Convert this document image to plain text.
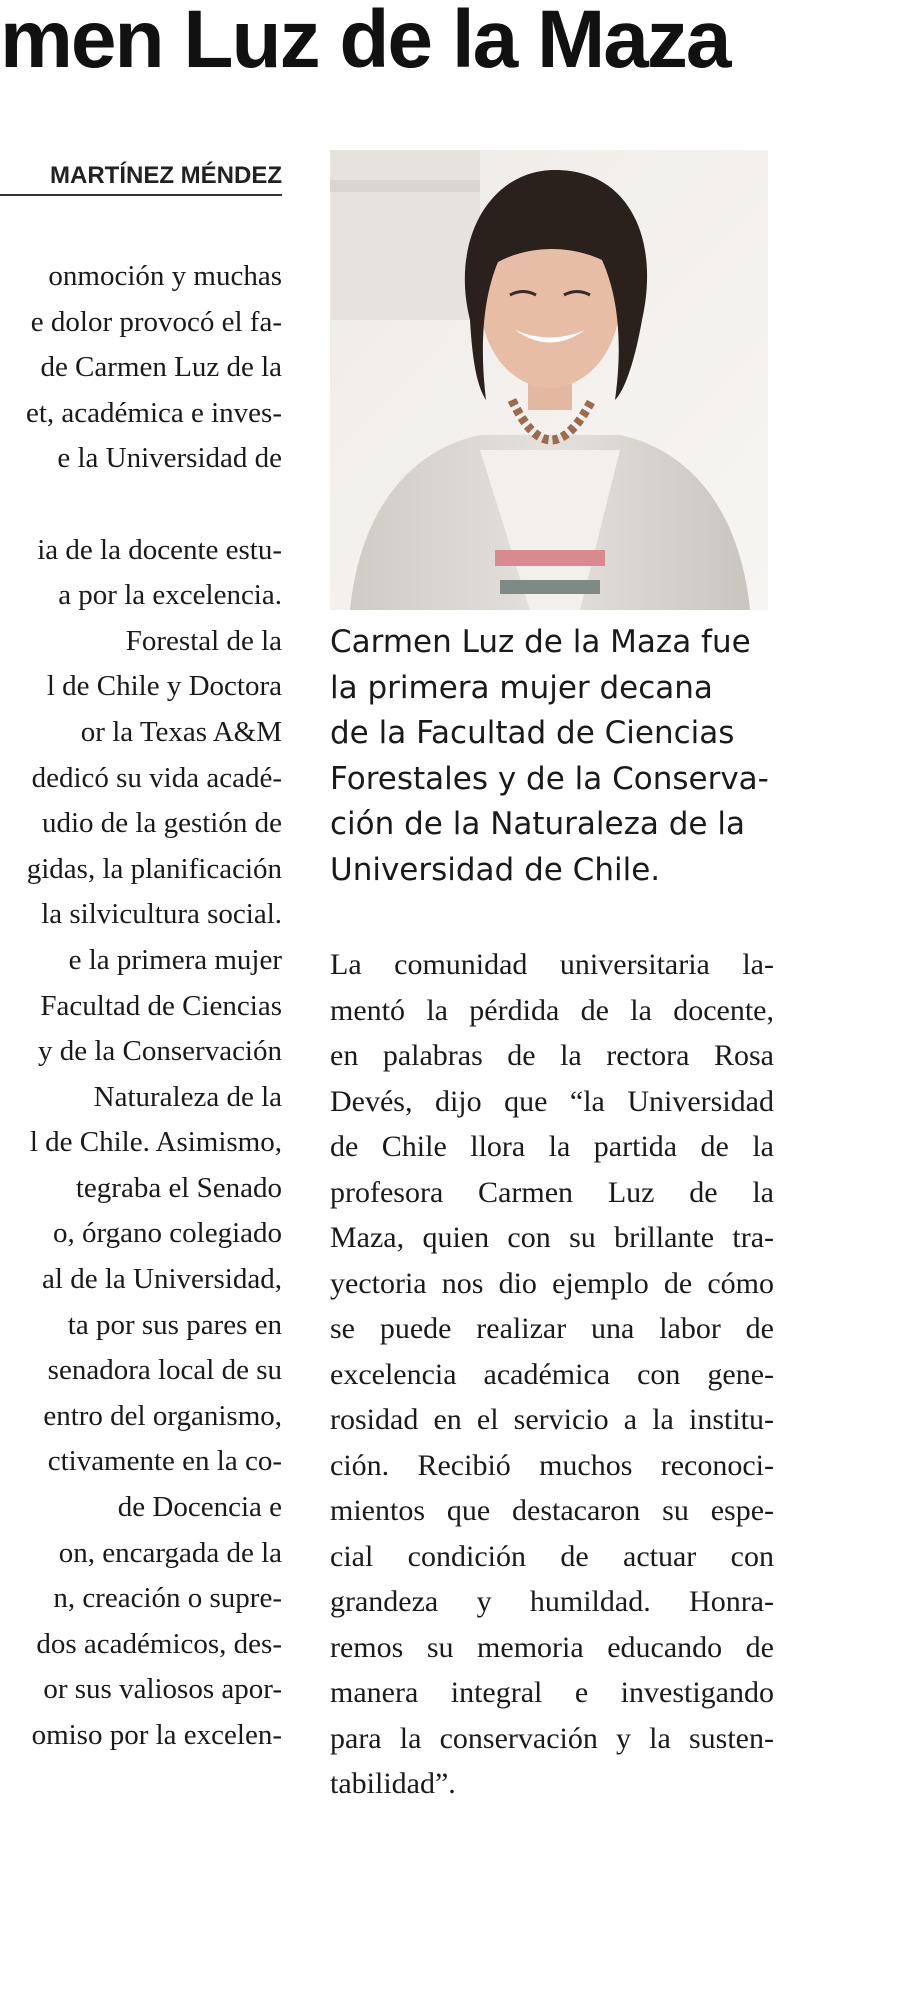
men Luz de la Maza
MARTÍNEZ MÉNDEZ
onmoción y muchas
e dolor provocó el fa-
de Carmen Luz de la
et, académica e inves-
e la Universidad de
ia de la docente estu-
a por la excelencia.
Forestal de la
l de Chile y Doctora
or la Texas A&M
dedicó su vida acadé-
udio de la gestión de
gidas, la planificación
la silvicultura social.
e la primera mujer
Facultad de Ciencias
y de la Conservación
Naturaleza de la
l de Chile. Asimismo,
tegraba el Senado
o, órgano colegiado
al de la Universidad,
ta por sus pares en
senadora local de su
entro del organismo,
ctivamente en la co-
de Docencia e
on, encargada de la
n, creación o supre-
dos académicos, des-
or sus valiosos apor-
omiso por la excelen-
Carmen Luz de la Maza fue
la primera mujer decana
de la Facultad de Ciencias
Forestales y de la Conserva-
ción de la Naturaleza de la
Universidad de Chile.
La comunidad universitaria la-
mentó la pérdida de la docente,
en palabras de la rectora Rosa
Devés, dijo que “la Universidad
de Chile llora la partida de la
profesora Carmen Luz de la
Maza, quien con su brillante tra-
yectoria nos dio ejemplo de cómo
se puede realizar una labor de
excelencia académica con gene-
rosidad en el servicio a la institu-
ción. Recibió muchos reconoci-
mientos que destacaron su espe-
cial condición de actuar con
grandeza y humildad. Honra-
remos su memoria educando de
manera integral e investigando
para la conservación y la susten-
tabilidad”.
